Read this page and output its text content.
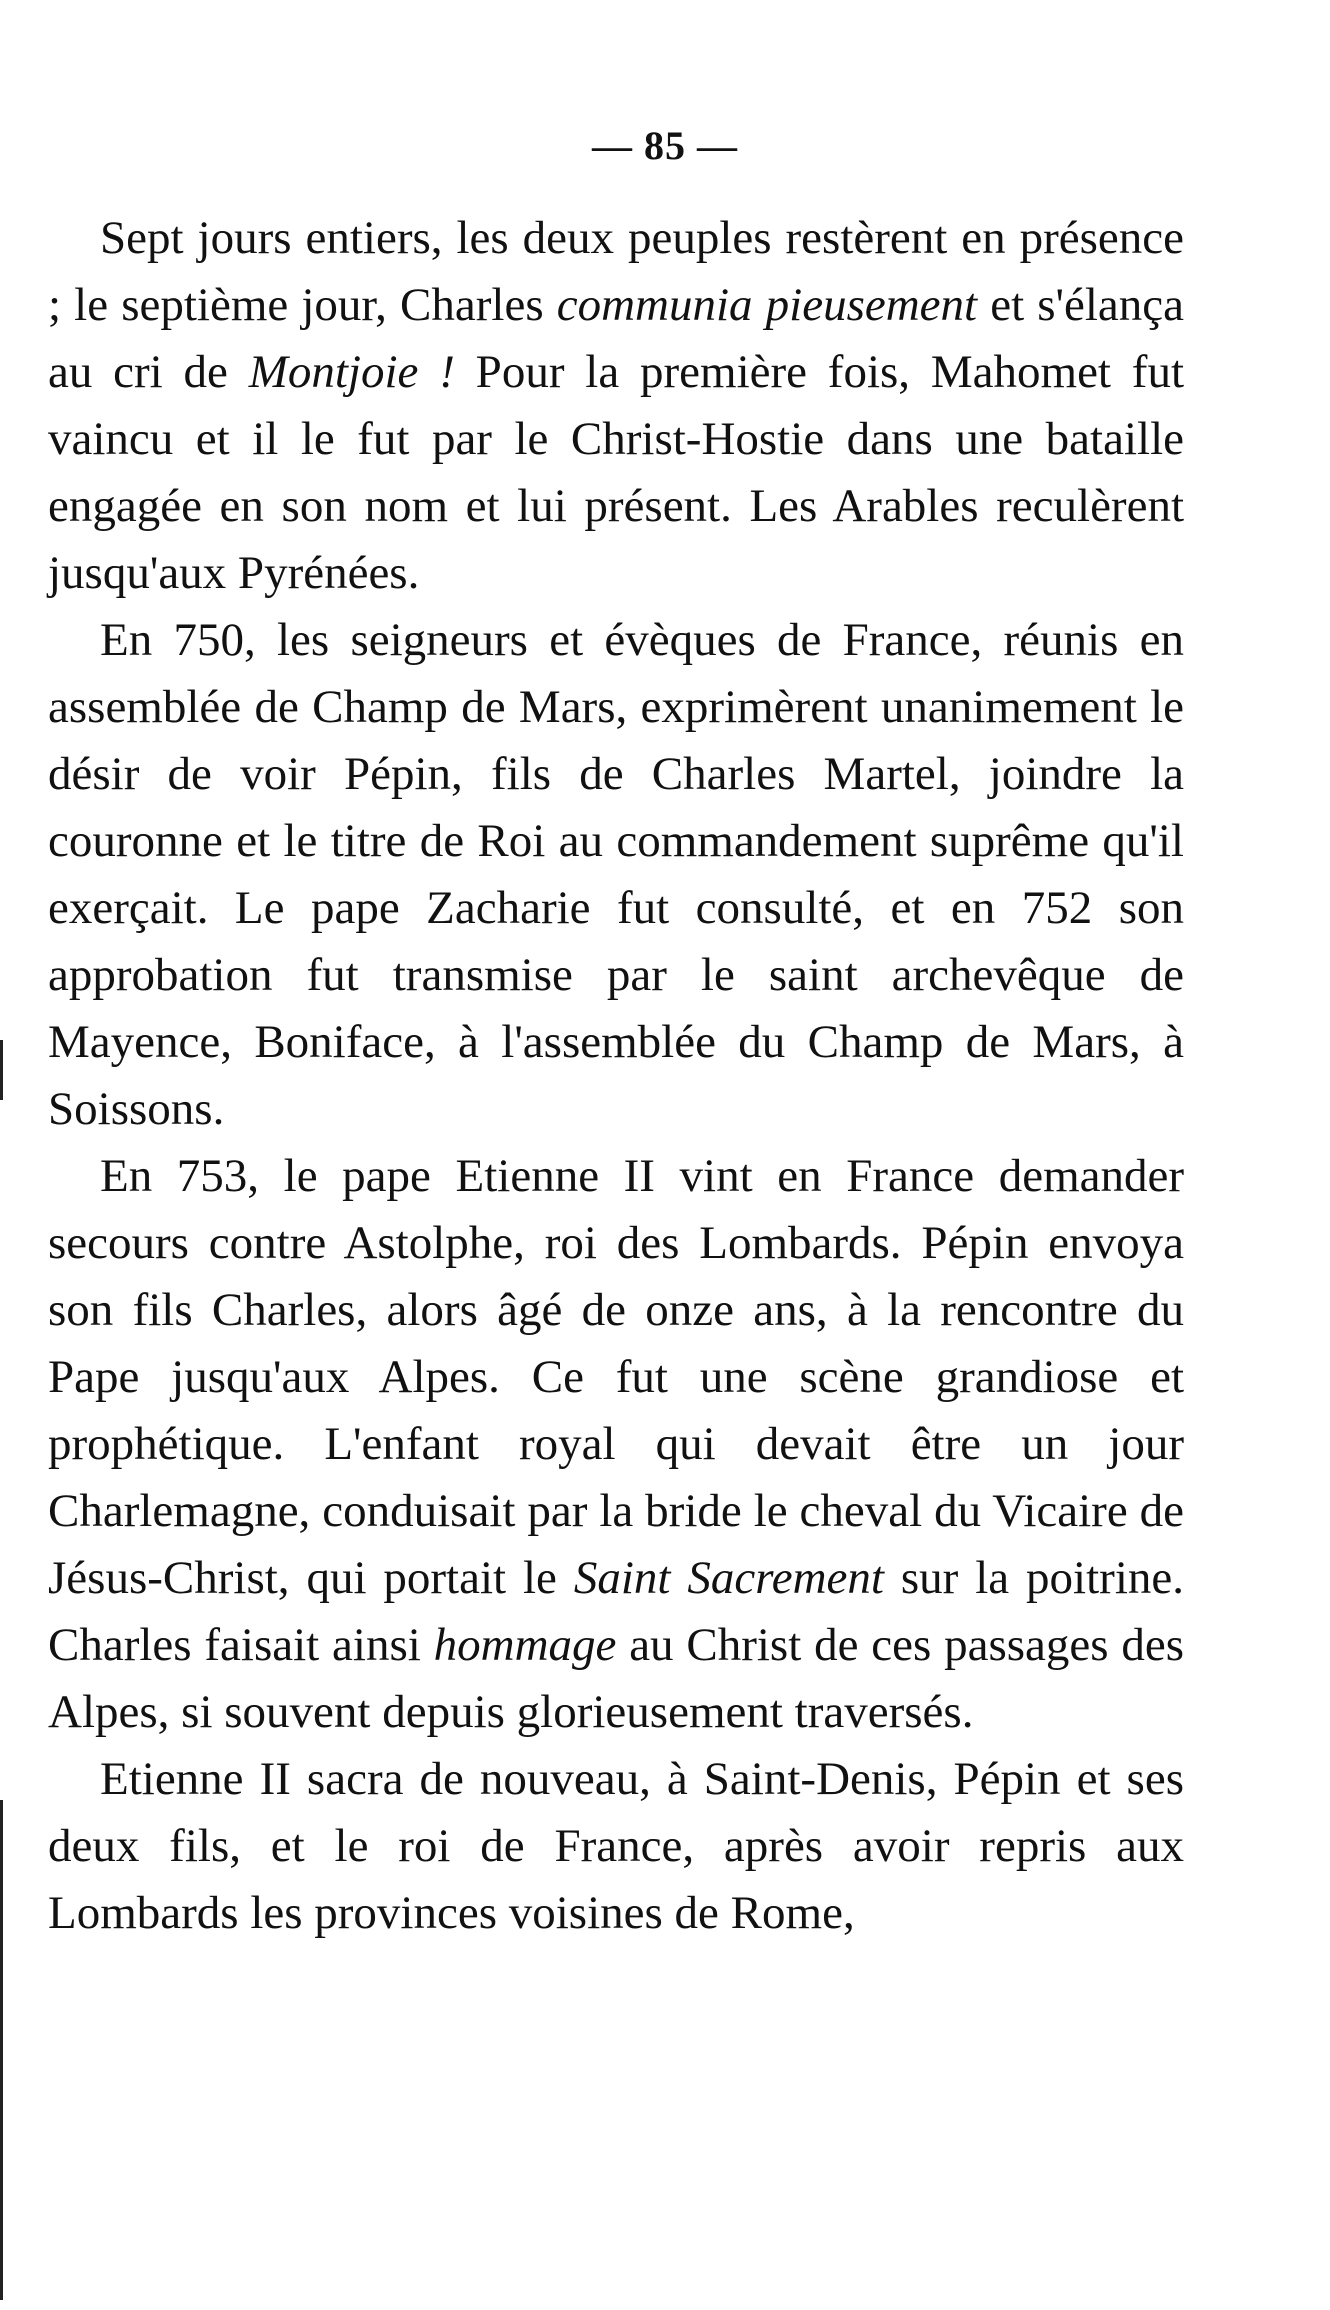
— 85 —

Sept jours entiers, les deux peuples restèrent en présence ; le septième jour, Charles communia pieusement et s'élança au cri de Montjoie ! Pour la première fois, Mahomet fut vaincu et il le fut par le Christ-Hostie dans une bataille engagée en son nom et lui présent. Les Arables reculèrent jusqu'aux Pyrénées.

En 750, les seigneurs et évèques de France, réunis en assemblée de Champ de Mars, exprimèrent unanimement le désir de voir Pépin, fils de Charles Martel, joindre la couronne et le titre de Roi au commandement suprême qu'il exerçait. Le pape Zacharie fut consulté, et en 752 son approbation fut transmise par le saint archevêque de Mayence, Boniface, à l'assemblée du Champ de Mars, à Soissons.

En 753, le pape Etienne II vint en France demander secours contre Astolphe, roi des Lombards. Pépin envoya son fils Charles, alors âgé de onze ans, à la rencontre du Pape jusqu'aux Alpes. Ce fut une scène grandiose et prophétique. L'enfant royal qui devait être un jour Charlemagne, conduisait par la bride le cheval du Vicaire de Jésus-Christ, qui portait le Saint Sacrement sur la poitrine. Charles faisait ainsi hommage au Christ de ces passages des Alpes, si souvent depuis glorieusement traversés.

Etienne II sacra de nouveau, à Saint-Denis, Pépin et ses deux fils, et le roi de France, après avoir repris aux Lombards les provinces voisines de Rome,
